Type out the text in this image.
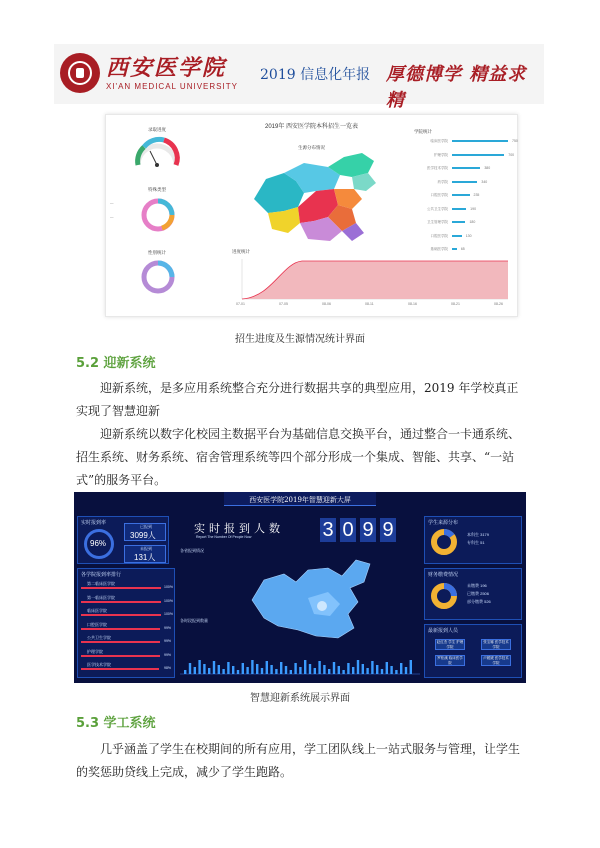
西安医学院
XI'AN MEDICAL UNIVERSITY
2019 信息化年报 厚德博学 精益求精
2019年 西安医学院本科招生一览表
录取进度
特殊类型
—
—
性别统计
生源分布情况
学院统计
临床医学院	750
护理学院	700
医学技术学院	380
药学院	340
口腔医学院	235
公共卫生学院	190
卫生管理学院	180
口腔医学院	130
基础医学院	65
进度统计
07-01	07-05	08-06	08-11	08-16	08-21	08-26
招生进度及生源情况统计界面
5.2 迎新系统
迎新系统，是多应用系统整合充分进行数据共享的典型应用，2019 年学校真正实现了智慧迎新
迎新系统以数字化校园主数据平台为基础信息交换平台，通过整合一卡通系统、招生系统、财务系统、宿舍管理系统等四个部分形成一个集成、智能、共享、“一站式”的服务平台。
西安医学院2019年智慧迎新大屏
实时报到率
96%
已报到
3099人
未报到
131人
各学院报到率排行
第二临床医学院
100%
第一临床医学院
100%
临床医学院
100%
口腔医学院
99%
公共卫生学院
99%
护理学院
99%
医学技术学院
98%
实时报到人数
Report The Number Of People Now	3 0 9 9
各省报到情况
各时段报到数量
学生来源分布
本科生 3179
专科生 51
财务缴费情况
未缴费 196
已缴费 2506
部分缴费 526
最新报到人员
赵红杰 学生 护理学院
张宝娜 医学技术学院
罗松溪 临床医学院
卢媛媛 医学技术学院
智慧迎新系统展示界面
5.3 学工系统
几乎涵盖了学生在校期间的所有应用，学工团队线上一站式服务与管理，让学生的奖惩助贷线上完成，减少了学生跑路。
